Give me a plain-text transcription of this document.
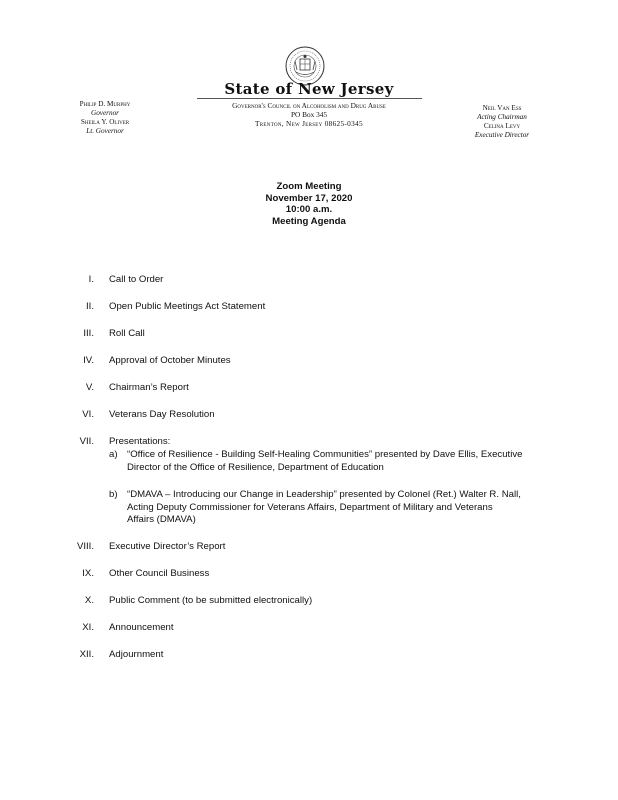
State of New Jersey
Governor's Council on Alcoholism and Drug Abuse
PO Box 345
Trenton, New Jersey 08625-0345
Philip D. Murphy
Governor
Sheila Y. Oliver
Lt. Governor
Neil Van Ess
Acting Chairman
Celina Levy
Executive Director
Zoom Meeting
November 17, 2020
10:00 a.m.
Meeting Agenda
I. Call to Order
II. Open Public Meetings Act Statement
III. Roll Call
IV. Approval of October Minutes
V. Chairman’s Report
VI. Veterans Day Resolution
VII. Presentations:
a) “Office of Resilience - Building Self-Healing Communities” presented by Dave Ellis, Executive
Director of the Office of Resilience, Department of Education
b) “DMAVA – Introducing our Change in Leadership” presented by Colonel (Ret.) Walter R. Nall,
Acting Deputy Commissioner for Veterans Affairs, Department of Military and Veterans
Affairs (DMAVA)
VIII. Executive Director’s Report
IX. Other Council Business
X. Public Comment (to be submitted electronically)
XI. Announcement
XII. Adjournment
